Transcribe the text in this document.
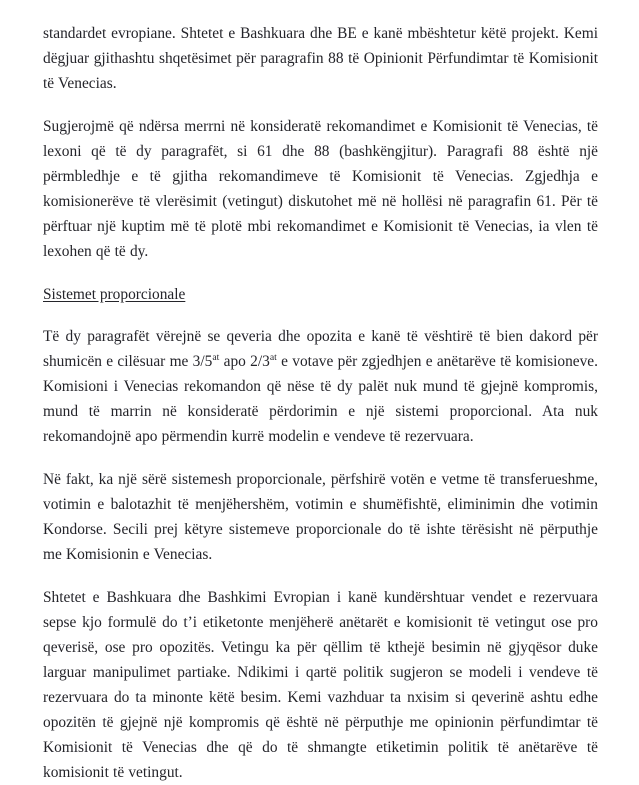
standardet evropiane. Shtetet e Bashkuara dhe BE e kanë mbështetur këtë projekt. Kemi dëgjuar gjithashtu shqetësimet për paragrafin 88 të Opinionit Përfundimtar të Komisionit të Venecias.

Sugjerojmë që ndërsa merrni në konsideratë rekomandimet e Komisionit të Venecias, të lexoni që të dy paragrafët, si 61 dhe 88 (bashkëngjitur). Paragrafi 88 është një përmbledhje e të gjitha rekomandimeve të Komisionit të Venecias. Zgjedhja e komisionerëve të vlerësimit (vetingut) diskutohet më në hollësi në paragrafin 61. Për të përftuar një kuptim më të plotë mbi rekomandimet e Komisionit të Venecias, ia vlen të lexohen që të dy.

Sistemet proporcionale

Të dy paragrafët vërejnë se qeveria dhe opozita e kanë të vështirë të bien dakord për shumicën e cilësuar me $3/5^{at}$ apo $2/3^{at}$ e votave për zgjedhjen e anëtarëve të komisioneve. Komisioni i Venecias rekomandon që nëse të dy palët nuk mund të gjejnë kompromis, mund të marrin në konsideratë përdorimin e një sistemi proporcional. Ata nuk rekomandojnë apo përmendin kurrë modelin e vendeve të rezervuara.

Në fakt, ka një sërë sistemesh proporcionale, përfshirë votën e vetme të transferueshme, votimin e balotazhit të menjëhershëm, votimin e shumëfishtë, eliminimin dhe votimin Kondorse. Secili prej këtyre sistemeve proporcionale do të ishte tërësisht në përputhje me Komisionin e Venecias.

Shtetet e Bashkuara dhe Bashkimi Evropian i kanë kundërshtuar vendet e rezervuara sepse kjo formulë do t’i etiketonte menjëherë anëtarët e komisionit të vetingut ose pro qeverisë, ose pro opozitës. Vetingu ka për qëllim të kthejë besimin në gjyqësor duke larguar manipulimet partiake. Ndikimi i qartë politik sugjeron se modeli i vendeve të rezervuara do ta minonte këtë besim. Kemi vazhduar ta nxisim si qeverinë ashtu edhe opozitën të gjejnë një kompromis që është në përputhje me opinionin përfundimtar të Komisionit të Venecias dhe që do të shmangte etiketimin politik të anëtarëve të komisionit të vetingut.
